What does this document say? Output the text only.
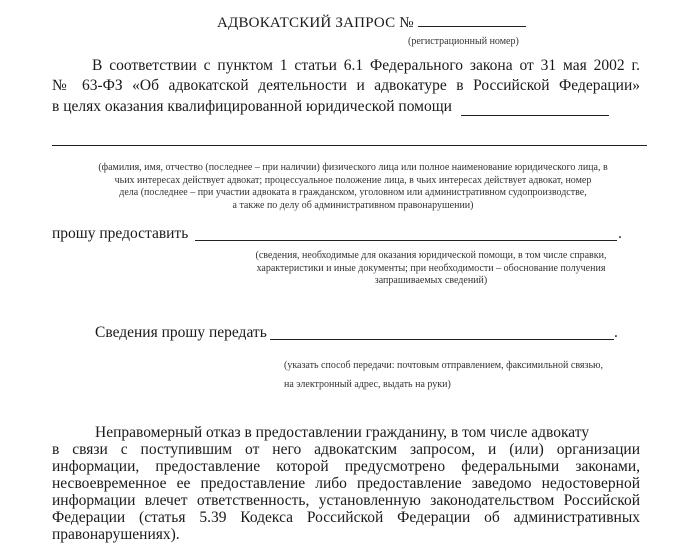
АДВОКАТСКИЙ ЗАПРОС №
(регистрационный номер)
В соответствии с пунктом 1 статьи 6.1 Федерального закона от 31 мая 2002 г.
№ 63-ФЗ «Об адвокатской деятельности и адвокатуре в Российской Федерации»
в целях оказания квалифицированной юридической помощи
(фамилия, имя, отчество (последнее – при наличии) физического лица или полное наименование юридического лица, в
чьих интересах действует адвокат; процессуальное положение лица, в чьих интересах действует адвокат, номер
дела (последнее – при участии адвоката в гражданском, уголовном или административном судопроизводстве,
а также по делу об административном правонарушении)
прошу предоставить	.
(сведения, необходимые для оказания юридической помощи, в том числе справки,
характеристики и иные документы; при необходимости – обоснование получения
запрашиваемых сведений)
Сведения прошу передать	.
(указать способ передачи: почтовым отправлением, факсимильной связью,
на электронный адрес, выдать на руки)
Неправомерный отказ в предоставлении гражданину, в том числе адвокату
в связи с поступившим от него адвокатским запросом, и (или) организации
информации, предоставление которой предусмотрено федеральными законами,
несвоевременное ее предоставление либо предоставление заведомо недостоверной
информации влечет ответственность, установленную законодательством Российской
Федерации (статья 5.39 Кодекса Российской Федерации об административных
правонарушениях).
